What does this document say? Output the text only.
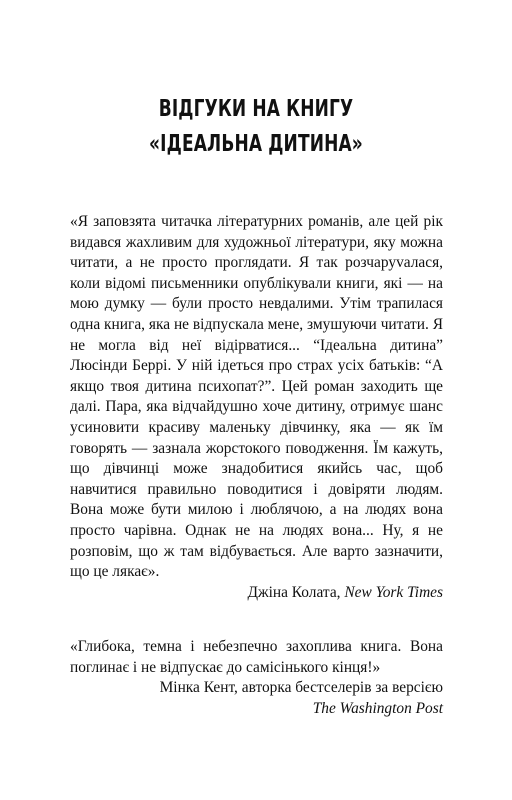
ВІДГУКИ НА КНИГУ
«ІДЕАЛЬНА ДИТИНА»

«Я заповзята читачка літературних романів, але цей рік видався жахливим для художньої літератури, яку можна читати, а не просто проглядати. Я так розчаруvалася, коли відомі письменники опублікували книги, які — на мою думку — були просто невдалими. Утім трапилася одна книга, яка не відпускала мене, змушуючи читати. Я не могла від неї відірватися... “Ідеальна дитина” Люсінди Беррі. У ній ідеться про страх усіх батьків: “А якщо твоя дитина психопат?”. Цей роман заходить ще далі. Пара, яка відчайдушно хоче дитину, отримує шанс усиновити красиву маленьку дівчинку, яка — як їм говорять — зазнала жорстокого поводження. Їм кажуть, що дівчинці може знадобитися якийсь час, щоб навчитися правильно поводитися і довіряти людям. Вона може бути милою і люблячою, а на людях вона просто чарівна. Однак не на людях вона... Ну, я не розповім, що ж там відбувається. Але варто зазначити, що це лякає».

Джіна Колата, New York Times

«Глибока, темна і небезпечно захоплива книга. Вона поглинає і не відпускає до самісінького кінця!»

Мінка Кент, авторка бестселерів за версією

The Washington Post
